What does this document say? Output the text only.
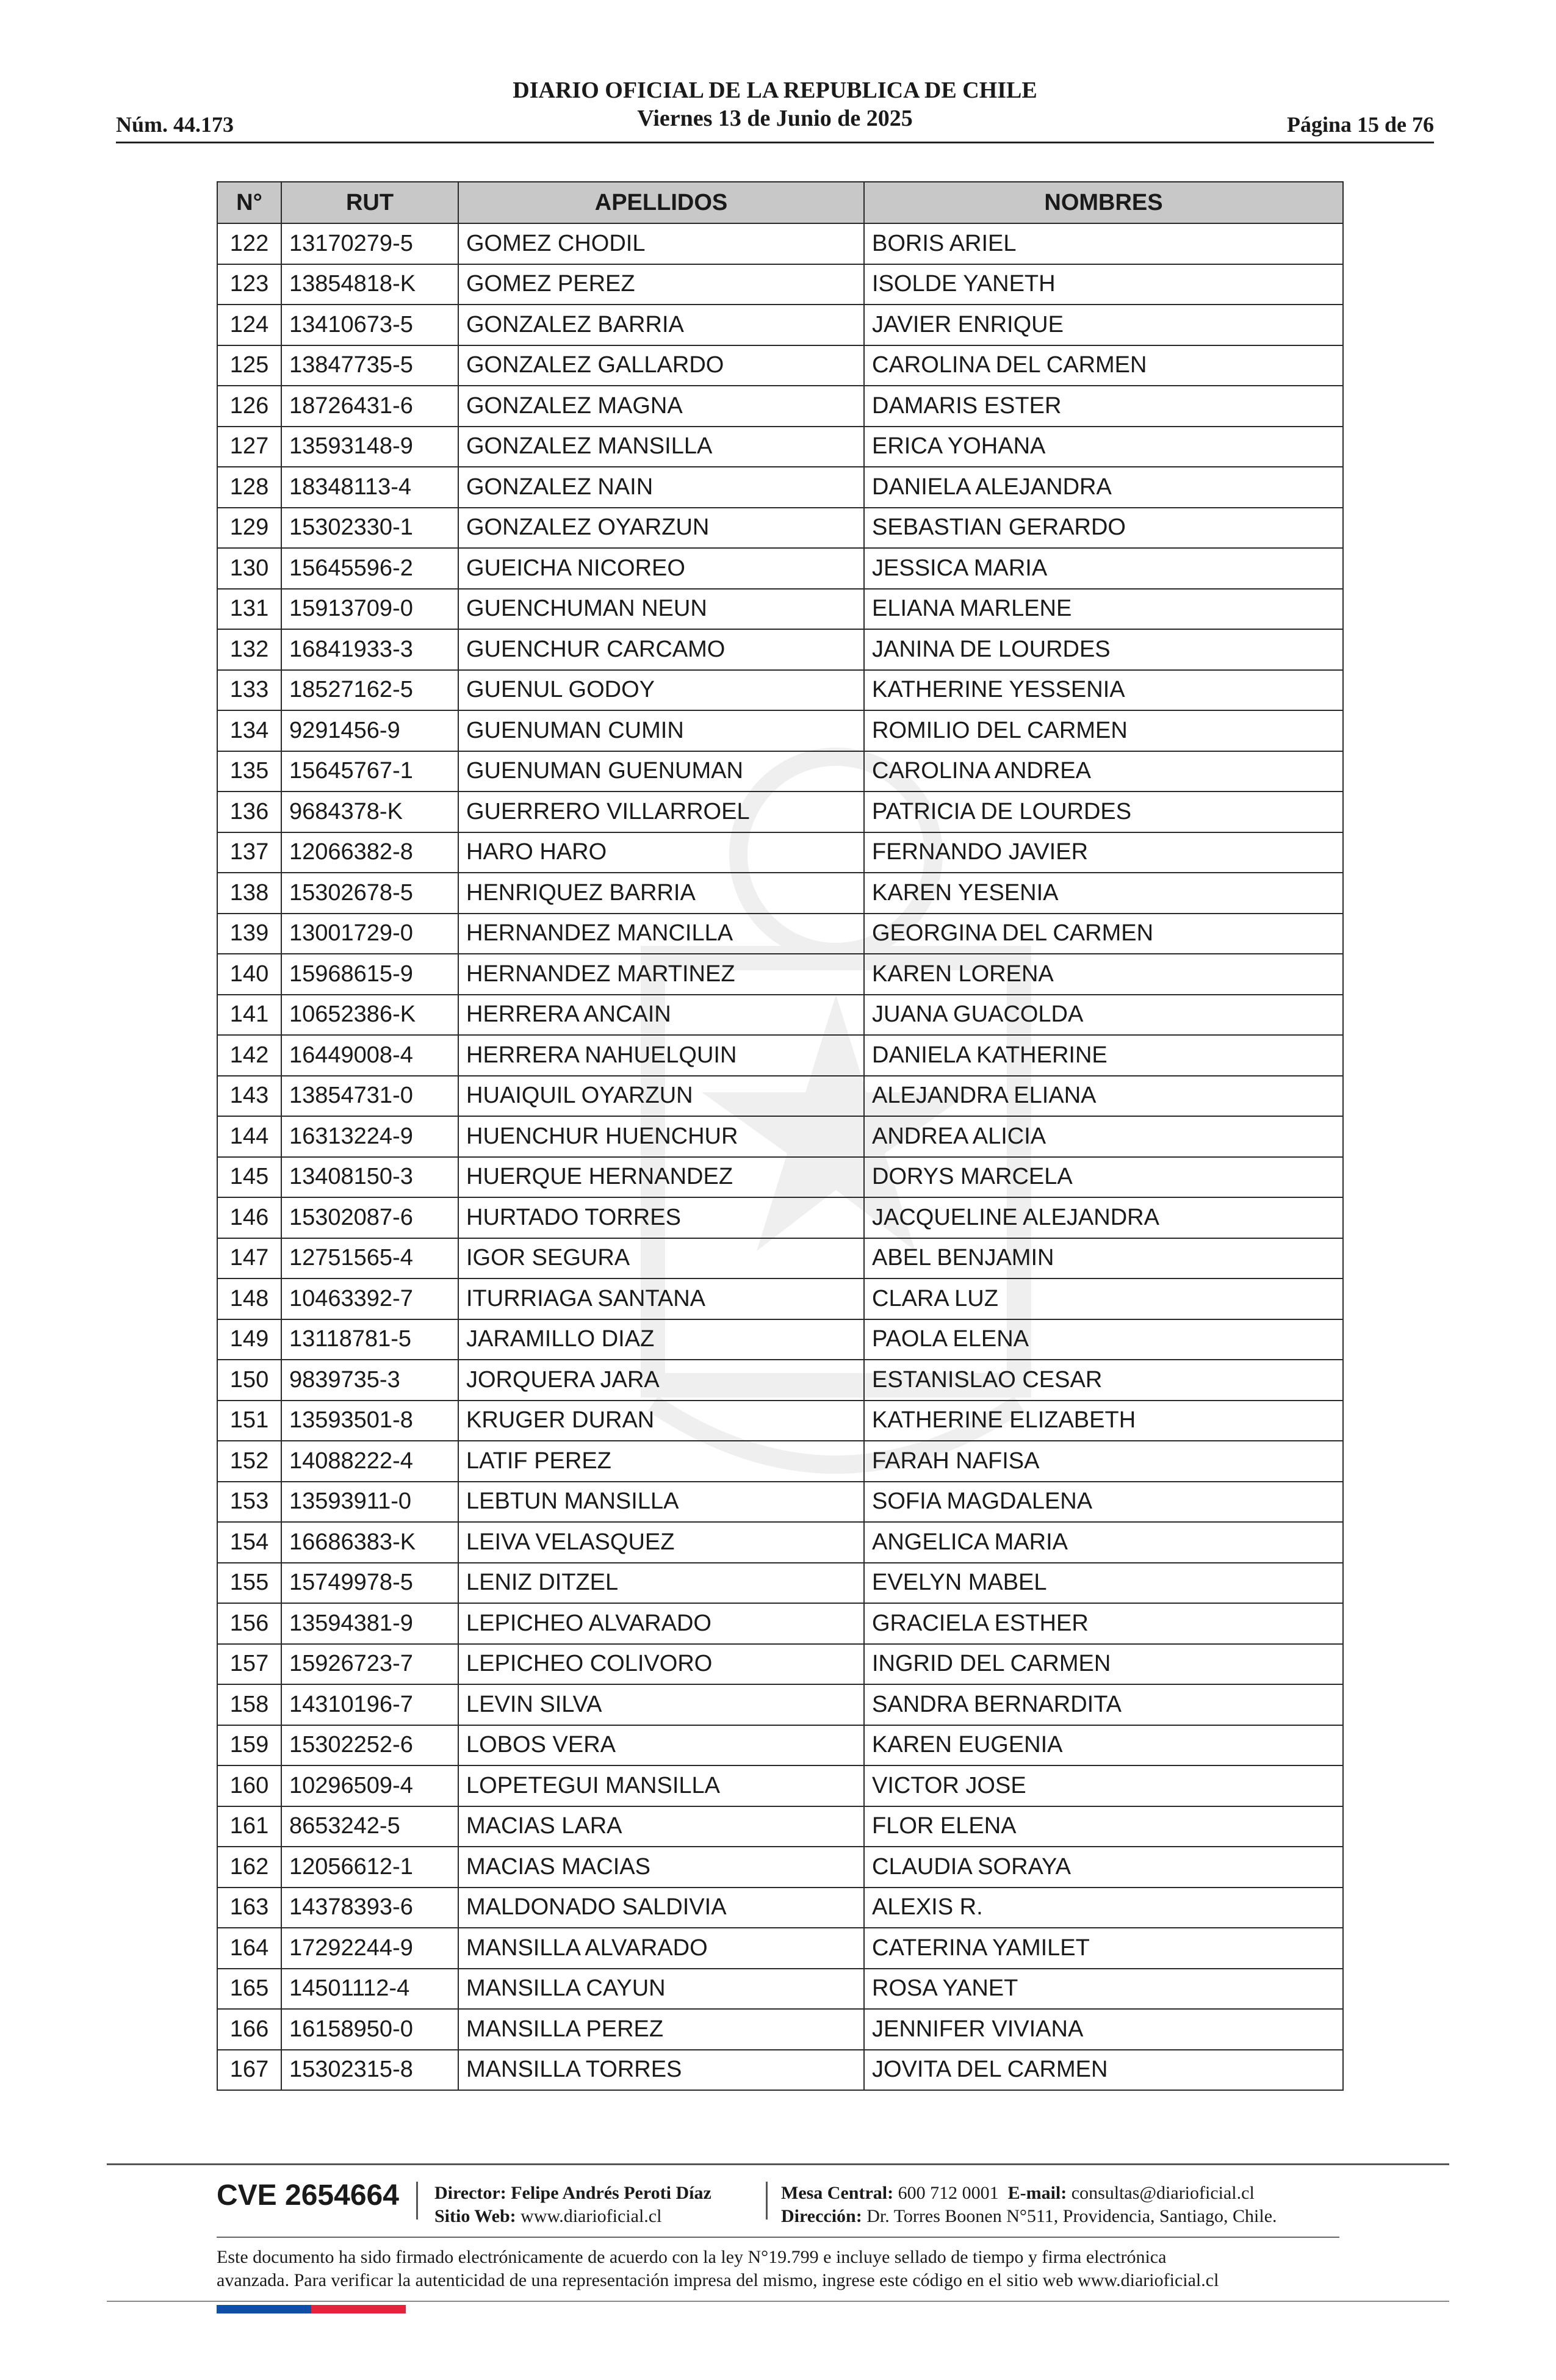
Núm. 44.173
DIARIO OFICIAL DE LA REPUBLICA DE CHILE
Viernes 13 de Junio de 2025	Página 15 de 76
N°	RUT	APELLIDOS	NOMBRES
122	13170279-5	GOMEZ CHODIL	BORIS ARIEL
123	13854818-K	GOMEZ PEREZ	ISOLDE YANETH
124	13410673-5	GONZALEZ BARRIA	JAVIER ENRIQUE
125	13847735-5	GONZALEZ GALLARDO	CAROLINA DEL CARMEN
126	18726431-6	GONZALEZ MAGNA	DAMARIS ESTER
127	13593148-9	GONZALEZ MANSILLA	ERICA YOHANA
128	18348113-4	GONZALEZ NAIN	DANIELA ALEJANDRA
129	15302330-1	GONZALEZ OYARZUN	SEBASTIAN GERARDO
130	15645596-2	GUEICHA NICOREO	JESSICA MARIA
131	15913709-0	GUENCHUMAN NEUN	ELIANA MARLENE
132	16841933-3	GUENCHUR CARCAMO	JANINA DE LOURDES
133	18527162-5	GUENUL GODOY	KATHERINE YESSENIA
134	9291456-9	GUENUMAN CUMIN	ROMILIO DEL CARMEN
135	15645767-1	GUENUMAN GUENUMAN	CAROLINA ANDREA
136	9684378-K	GUERRERO VILLARROEL	PATRICIA DE LOURDES
137	12066382-8	HARO HARO	FERNANDO JAVIER
138	15302678-5	HENRIQUEZ BARRIA	KAREN YESENIA
139	13001729-0	HERNANDEZ MANCILLA	GEORGINA DEL CARMEN
140	15968615-9	HERNANDEZ MARTINEZ	KAREN LORENA
141	10652386-K	HERRERA ANCAIN	JUANA GUACOLDA
142	16449008-4	HERRERA NAHUELQUIN	DANIELA KATHERINE
143	13854731-0	HUAIQUIL OYARZUN	ALEJANDRA ELIANA
144	16313224-9	HUENCHUR HUENCHUR	ANDREA ALICIA
145	13408150-3	HUERQUE HERNANDEZ	DORYS MARCELA
146	15302087-6	HURTADO TORRES	JACQUELINE ALEJANDRA
147	12751565-4	IGOR SEGURA	ABEL BENJAMIN
148	10463392-7	ITURRIAGA SANTANA	CLARA LUZ
149	13118781-5	JARAMILLO DIAZ	PAOLA ELENA
150	9839735-3	JORQUERA JARA	ESTANISLAO CESAR
151	13593501-8	KRUGER DURAN	KATHERINE ELIZABETH
152	14088222-4	LATIF PEREZ	FARAH NAFISA
153	13593911-0	LEBTUN MANSILLA	SOFIA MAGDALENA
154	16686383-K	LEIVA VELASQUEZ	ANGELICA MARIA
155	15749978-5	LENIZ DITZEL	EVELYN MABEL
156	13594381-9	LEPICHEO ALVARADO	GRACIELA ESTHER
157	15926723-7	LEPICHEO COLIVORO	INGRID DEL CARMEN
158	14310196-7	LEVIN SILVA	SANDRA BERNARDITA
159	15302252-6	LOBOS VERA	KAREN EUGENIA
160	10296509-4	LOPETEGUI MANSILLA	VICTOR JOSE
161	8653242-5	MACIAS LARA	FLOR ELENA
162	12056612-1	MACIAS MACIAS	CLAUDIA SORAYA
163	14378393-6	MALDONADO SALDIVIA	ALEXIS R.
164	17292244-9	MANSILLA ALVARADO	CATERINA YAMILET
165	14501112-4	MANSILLA CAYUN	ROSA YANET
166	16158950-0	MANSILLA PEREZ	JENNIFER VIVIANA
167	15302315-8	MANSILLA TORRES	JOVITA DEL CARMEN
CVE 2654664 Director: Felipe Andrés Peroti Díaz
Sitio Web: www.diarioficial.cl
Mesa Central: 600 712 0001 E-mail: consultas@diarioficial.cl
Dirección: Dr. Torres Boonen N°511, Providencia, Santiago, Chile.
Este documento ha sido firmado electrónicamente de acuerdo con la ley N°19.799 e incluye sellado de tiempo y firma electrónica
avanzada. Para verificar la autenticidad de una representación impresa del mismo, ingrese este código en el sitio web www.diarioficial.cl
